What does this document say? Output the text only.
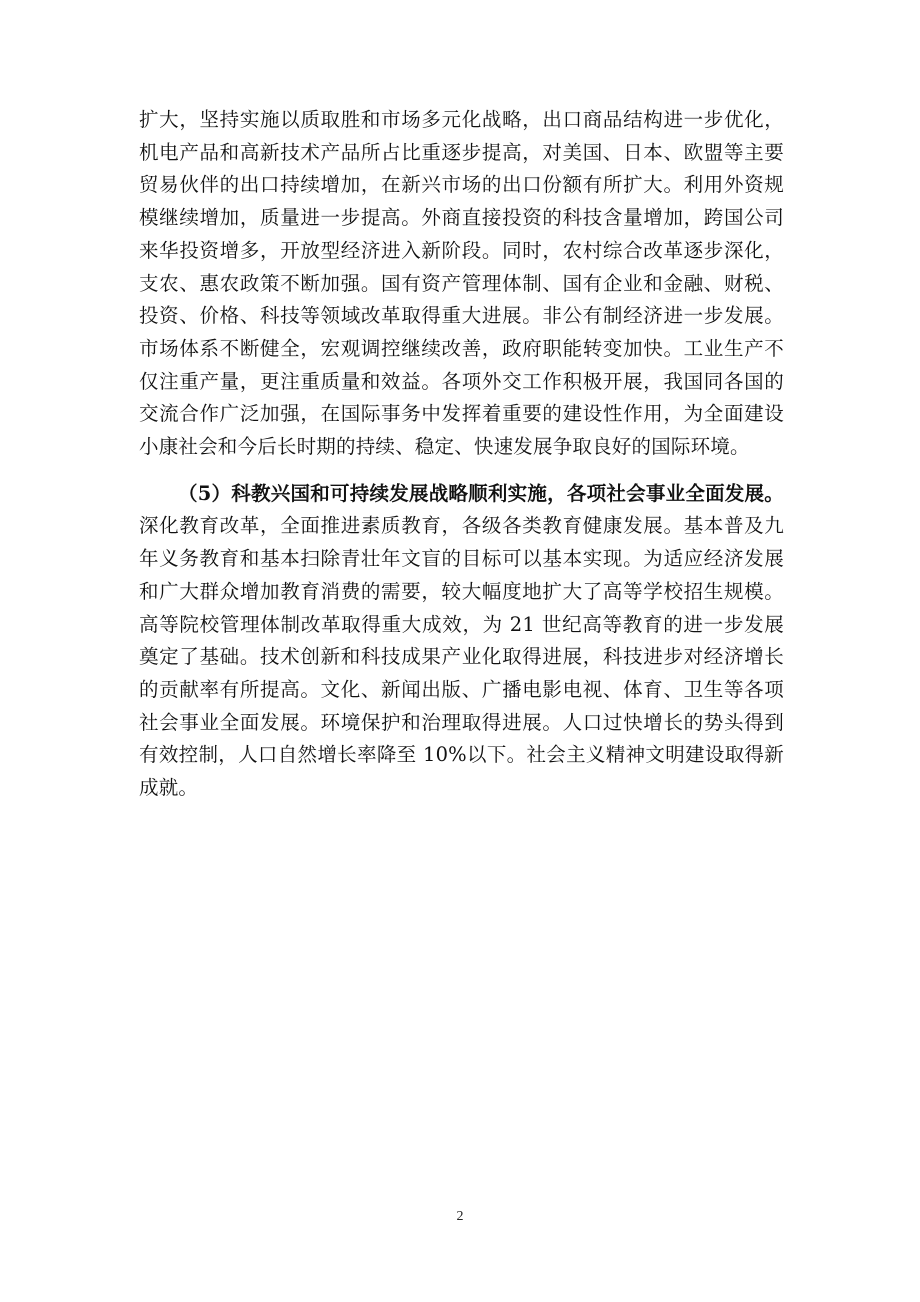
扩大，坚持实施以质取胜和市场多元化战略，出口商品结构进一步优化，机电产品和高新技术产品所占比重逐步提高，对美国、日本、欧盟等主要贸易伙伴的出口持续增加，在新兴市场的出口份额有所扩大。利用外资规模继续增加，质量进一步提高。外商直接投资的科技含量增加，跨国公司来华投资增多，开放型经济进入新阶段。同时，农村综合改革逐步深化，支农、惠农政策不断加强。国有资产管理体制、国有企业和金融、财税、投资、价格、科技等领域改革取得重大进展。非公有制经济进一步发展。市场体系不断健全，宏观调控继续改善，政府职能转变加快。工业生产不仅注重产量，更注重质量和效益。各项外交工作积极开展，我国同各国的交流合作广泛加强，在国际事务中发挥着重要的建设性作用，为全面建设小康社会和今后长时期的持续、稳定、快速发展争取良好的国际环境。

（5）科教兴国和可持续发展战略顺利实施，各项社会事业全面发展。深化教育改革，全面推进素质教育，各级各类教育健康发展。基本普及九年义务教育和基本扫除青壮年文盲的目标可以基本实现。为适应经济发展和广大群众增加教育消费的需要，较大幅度地扩大了高等学校招生规模。高等院校管理体制改革取得重大成效，为 21 世纪高等教育的进一步发展奠定了基础。技术创新和科技成果产业化取得进展，科技进步对经济增长的贡献率有所提高。文化、新闻出版、广播电影电视、体育、卫生等各项社会事业全面发展。环境保护和治理取得进展。人口过快增长的势头得到有效控制，人口自然增长率降至 10%以下。社会主义精神文明建设取得新成就。

2
